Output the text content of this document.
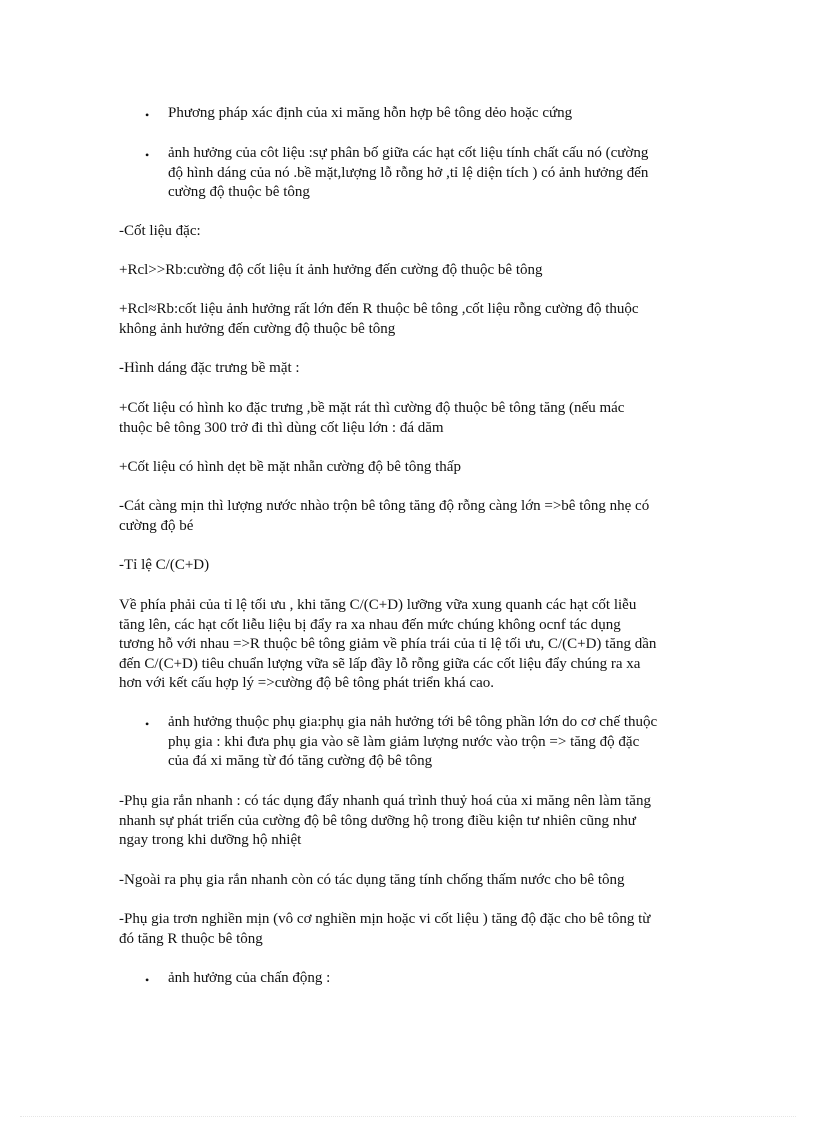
•	Phương pháp xác định của xi măng hỗn hợp bê tông dẻo hoặc cứng
•	ảnh hưởng của côt liệu :sự phân bố giữa các hạt cốt liệu tính chất cấu nó (cường
độ hình dáng của nó .bề mặt,lượng lỗ rỗng hở ,tỉ lệ diện tích ) có ảnh hưởng đến
cường độ thuộc bê tông
-Cốt liệu đặc:
+Rcl>>Rb:cường độ cốt liệu ít ảnh hưởng đến cường độ thuộc bê tông
+Rcl≈Rb:cốt liệu ảnh hưởng rất lớn đến R thuộc bê tông ,cốt liệu rỗng cường độ thuộc
không ảnh hưởng đến cường độ thuộc bê tông
-Hình dáng đặc trưng bề mặt :
+Cốt liệu có hình ko đặc trưng ,bề mặt rát thì cường độ thuộc bê tông tăng (nếu mác
thuộc bê tông 300 trở đi thì dùng cốt liệu lớn : đá dăm
+Cốt liệu có hình dẹt bề mặt nhẵn cường độ bê tông thấp
-Cát càng mịn thì lượng nước nhào trộn bê tông tăng độ rỗng càng lớn =>bê tông nhẹ có
cường độ bé
-Tỉ lệ C/(C+D)
Về phía phải của tỉ lệ tối ưu , khi tăng C/(C+D) lưỡng vữa xung quanh các hạt cốt liễu
tăng lên, các hạt cốt liễu liệu bị đẩy ra xa nhau đến mức chúng không ocnf tác dụng
tương hỗ với nhau =>R thuộc bê tông giảm về phía trái của tỉ lệ tối ưu, C/(C+D) tăng dần
đến C/(C+D) tiêu chuẩn lượng vữa sẽ lấp đầy lỗ rỗng giữa các cốt liệu đẩy chúng ra xa
hơn với kết cấu hợp lý =>cường độ bê tông phát triển khá cao.
•	ảnh hưởng thuộc phụ gia:phụ gia nảh hưởng tới bê tông phần lớn do cơ chế thuộc
phụ gia : khi đưa phụ gia vào sẽ làm giảm lượng nước vào trộn => tăng độ đặc
của đá xi măng từ đó tăng cường độ bê tông
-Phụ gia rắn nhanh : có tác dụng đẩy nhanh quá trình thuỷ hoá của xi măng nên làm tăng
nhanh sự phát triển của cường độ bê tông dưỡng hộ trong điều kiện tư nhiên cũng như
ngay trong khi dưỡng hộ nhiệt
-Ngoài ra phụ gia rắn nhanh còn có tác dụng tăng tính chống thấm nước cho bê tông
-Phụ gia trơn nghiền mịn (vô cơ nghiền mịn hoặc vi cốt liệu ) tăng độ đặc cho bê tông từ
đó tăng R thuộc bê tông
•	ảnh hưởng của chấn động :
